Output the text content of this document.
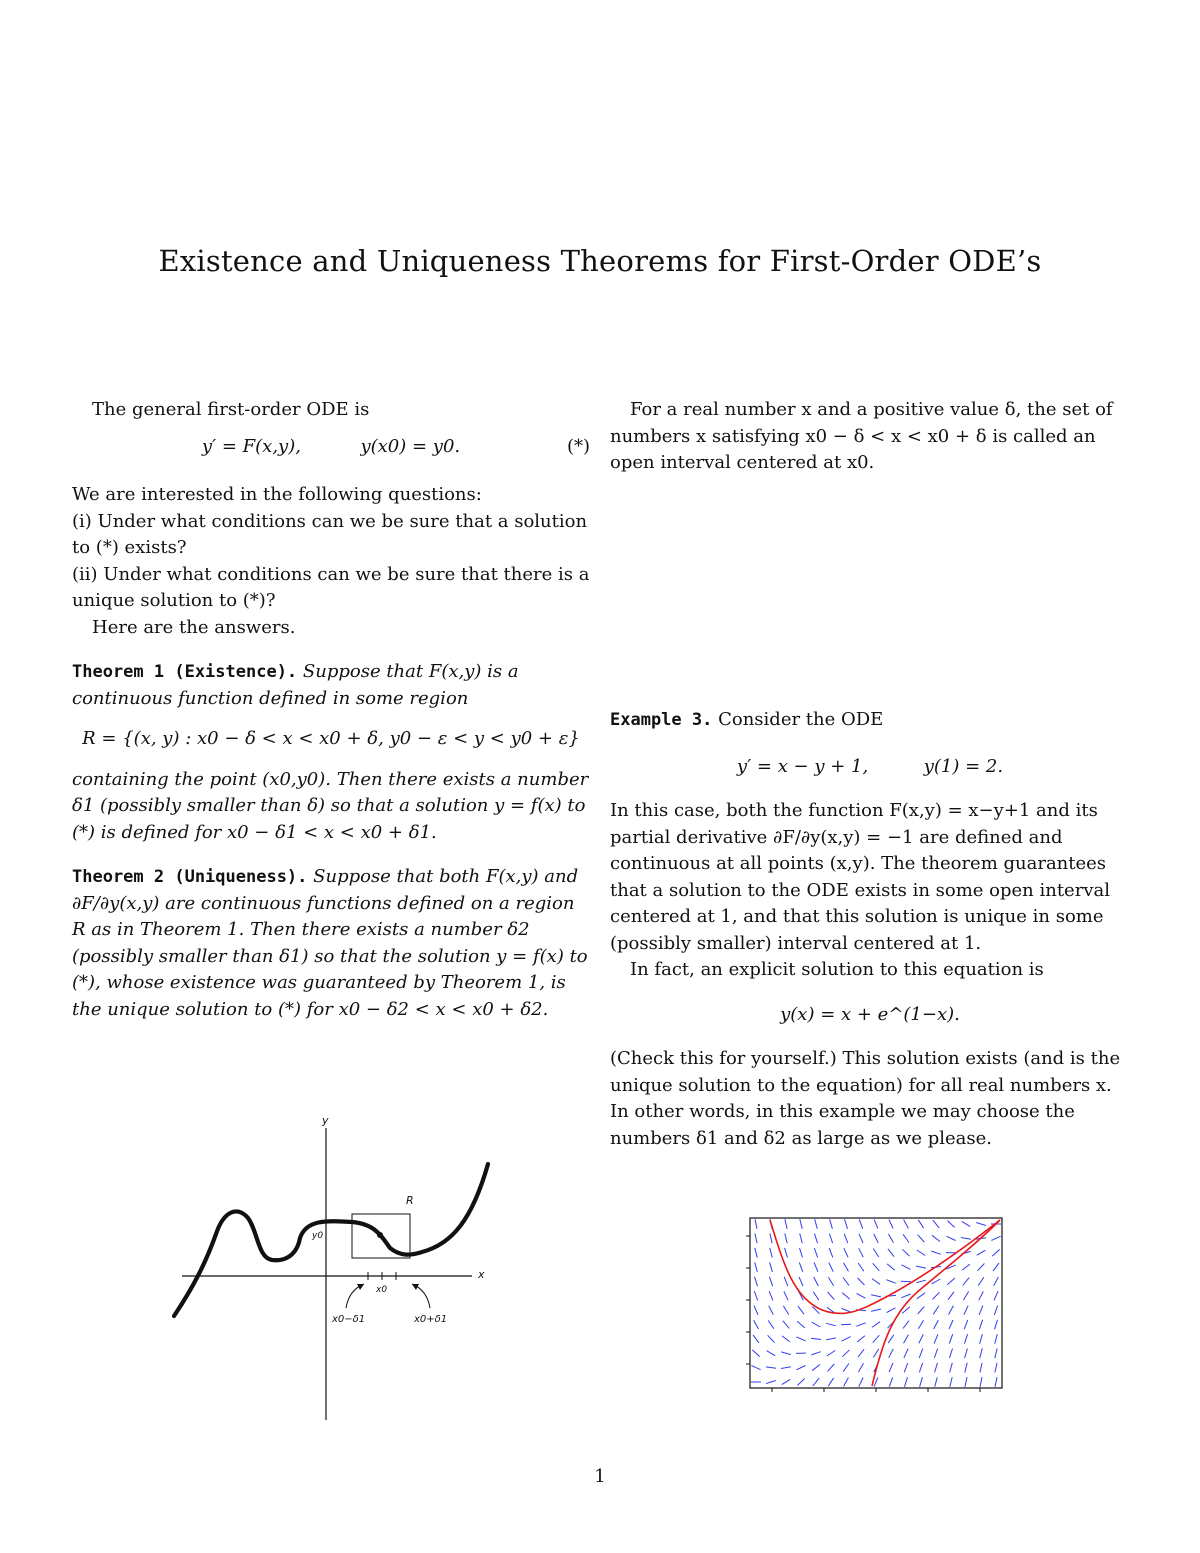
Existence and Uniqueness Theorems for First-Order ODE’s

The general first-order ODE is

y′ = F(x,y),	y(x0) = y0.	(*)

We are interested in the following questions:

(i) Under what conditions can we be sure that a solution to (*) exists?

(ii) Under what conditions can we be sure that there is a unique solution to (*)?

Here are the answers.

Theorem 1 (Existence). Suppose that F(x,y) is a continuous function defined in some region

R = {(x, y) : x0 − δ < x < x0 + δ, y0 − ε < y < y0 + ε}

containing the point (x0,y0). Then there exists a number δ1 (possibly smaller than δ) so that a solution y = f(x) to (*) is defined for x0 − δ1 < x < x0 + δ1.

Theorem 2 (Uniqueness). Suppose that both F(x,y) and ∂F/∂y(x,y) are continuous functions defined on a region R as in Theorem 1. Then there exists a number δ2 (possibly smaller than δ1) so that the solution y = f(x) to (*), whose existence was guaranteed by Theorem 1, is the unique solution to (*) for x0 − δ2 < x < x0 + δ2.

y
x
R
y0
x0
x0−δ1	x0+δ1

For a real number x and a positive value δ, the set of numbers x satisfying x0 − δ < x < x0 + δ is called an open interval centered at x0.

Example 3. Consider the ODE

y′ = x − y + 1,	y(1) = 2.

In this case, both the function F(x,y) = x−y+1 and its partial derivative ∂F/∂y(x,y) = −1 are defined and continuous at all points (x,y). The theorem guarantees that a solution to the ODE exists in some open interval centered at 1, and that this solution is unique in some (possibly smaller) interval centered at 1.

In fact, an explicit solution to this equation is

y(x) = x + e^(1−x).

(Check this for yourself.) This solution exists (and is the unique solution to the equation) for all real numbers x. In other words, in this example we may choose the numbers δ1 and δ2 as large as we please.

1
